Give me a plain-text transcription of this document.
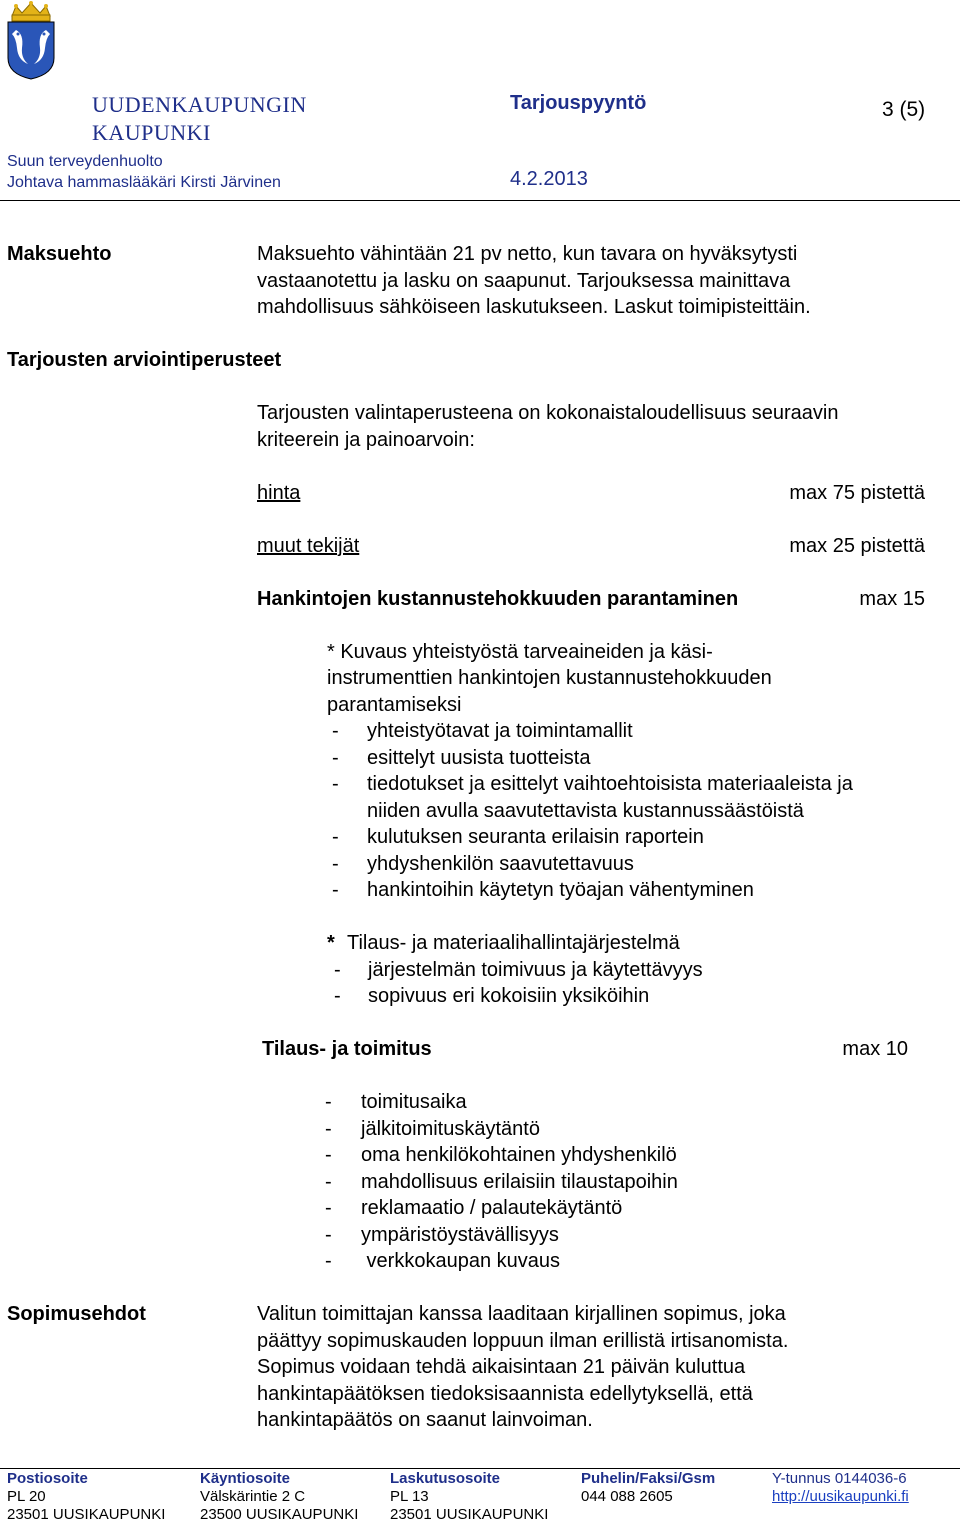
UUDENKAUPUNGIN
KAUPUNKI
Suun terveydenhuolto
Johtava hammaslääkäri Kirsti Järvinen
Tarjouspyyntö
4.2.2013
3 (5)
Maksuehto	Maksuehto vähintään 21 pv netto, kun tavara on hyväksytysti
vastaanotettu ja lasku on saapunut. Tarjouksessa mainittava
mahdollisuus sähköiseen laskutukseen. Laskut toimipisteittäin.
Tarjousten arviointiperusteet
Tarjousten valintaperusteena on kokonaistaloudellisuus seuraavin
kriteerein ja painoarvoin:
hinta	max 75 pistettä
muut tekijät	max 25 pistettä
Hankintojen kustannustehokkuuden parantaminen	max 15
* Kuvaus yhteistyöstä tarveaineiden ja käsi-
instrumenttien hankintojen kustannustehokkuuden
parantamiseksi
- yhteistyötavat ja toimintamallit
- esittelyt uusista tuotteista
- tiedotukset ja esittelyt vaihtoehtoisista materiaaleista ja
niiden avulla saavutettavista kustannussäästöistä
- kulutuksen seuranta erilaisin raportein
- yhdyshenkilön saavutettavuus
- hankintoihin käytetyn työajan vähentyminen
* Tilaus- ja materiaalihallintajärjestelmä
- järjestelmän toimivuus ja käytettävyys
- sopivuus eri kokoisiin yksiköihin
Tilaus- ja toimitus	max 10
- toimitusaika
- jälkitoimituskäytäntö
- oma henkilökohtainen yhdyshenkilö
- mahdollisuus erilaisiin tilaustapoihin
- reklamaatio / palautekäytäntö
- ympäristöystävällisyys
- verkkokaupan kuvaus
Sopimusehdot	Valitun toimittajan kanssa laaditaan kirjallinen sopimus, joka
päättyy sopimuskauden loppuun ilman erillistä irtisanomista.
Sopimus voidaan tehdä aikaisintaan 21 päivän kuluttua
hankintapäätöksen tiedoksisaannista edellytyksellä, että
hankintapäätös on saanut lainvoiman.
Postiosoite
PL 20
23501 UUSIKAUPUNKI
Käyntiosoite
Välskärintie 2 C
23500 UUSIKAUPUNKI
Laskutusosoite
PL 13
23501 UUSIKAUPUNKI
Puhelin/Faksi/Gsm
044 088 2605
Y-tunnus 0144036-6
http://uusikaupunki.fi
